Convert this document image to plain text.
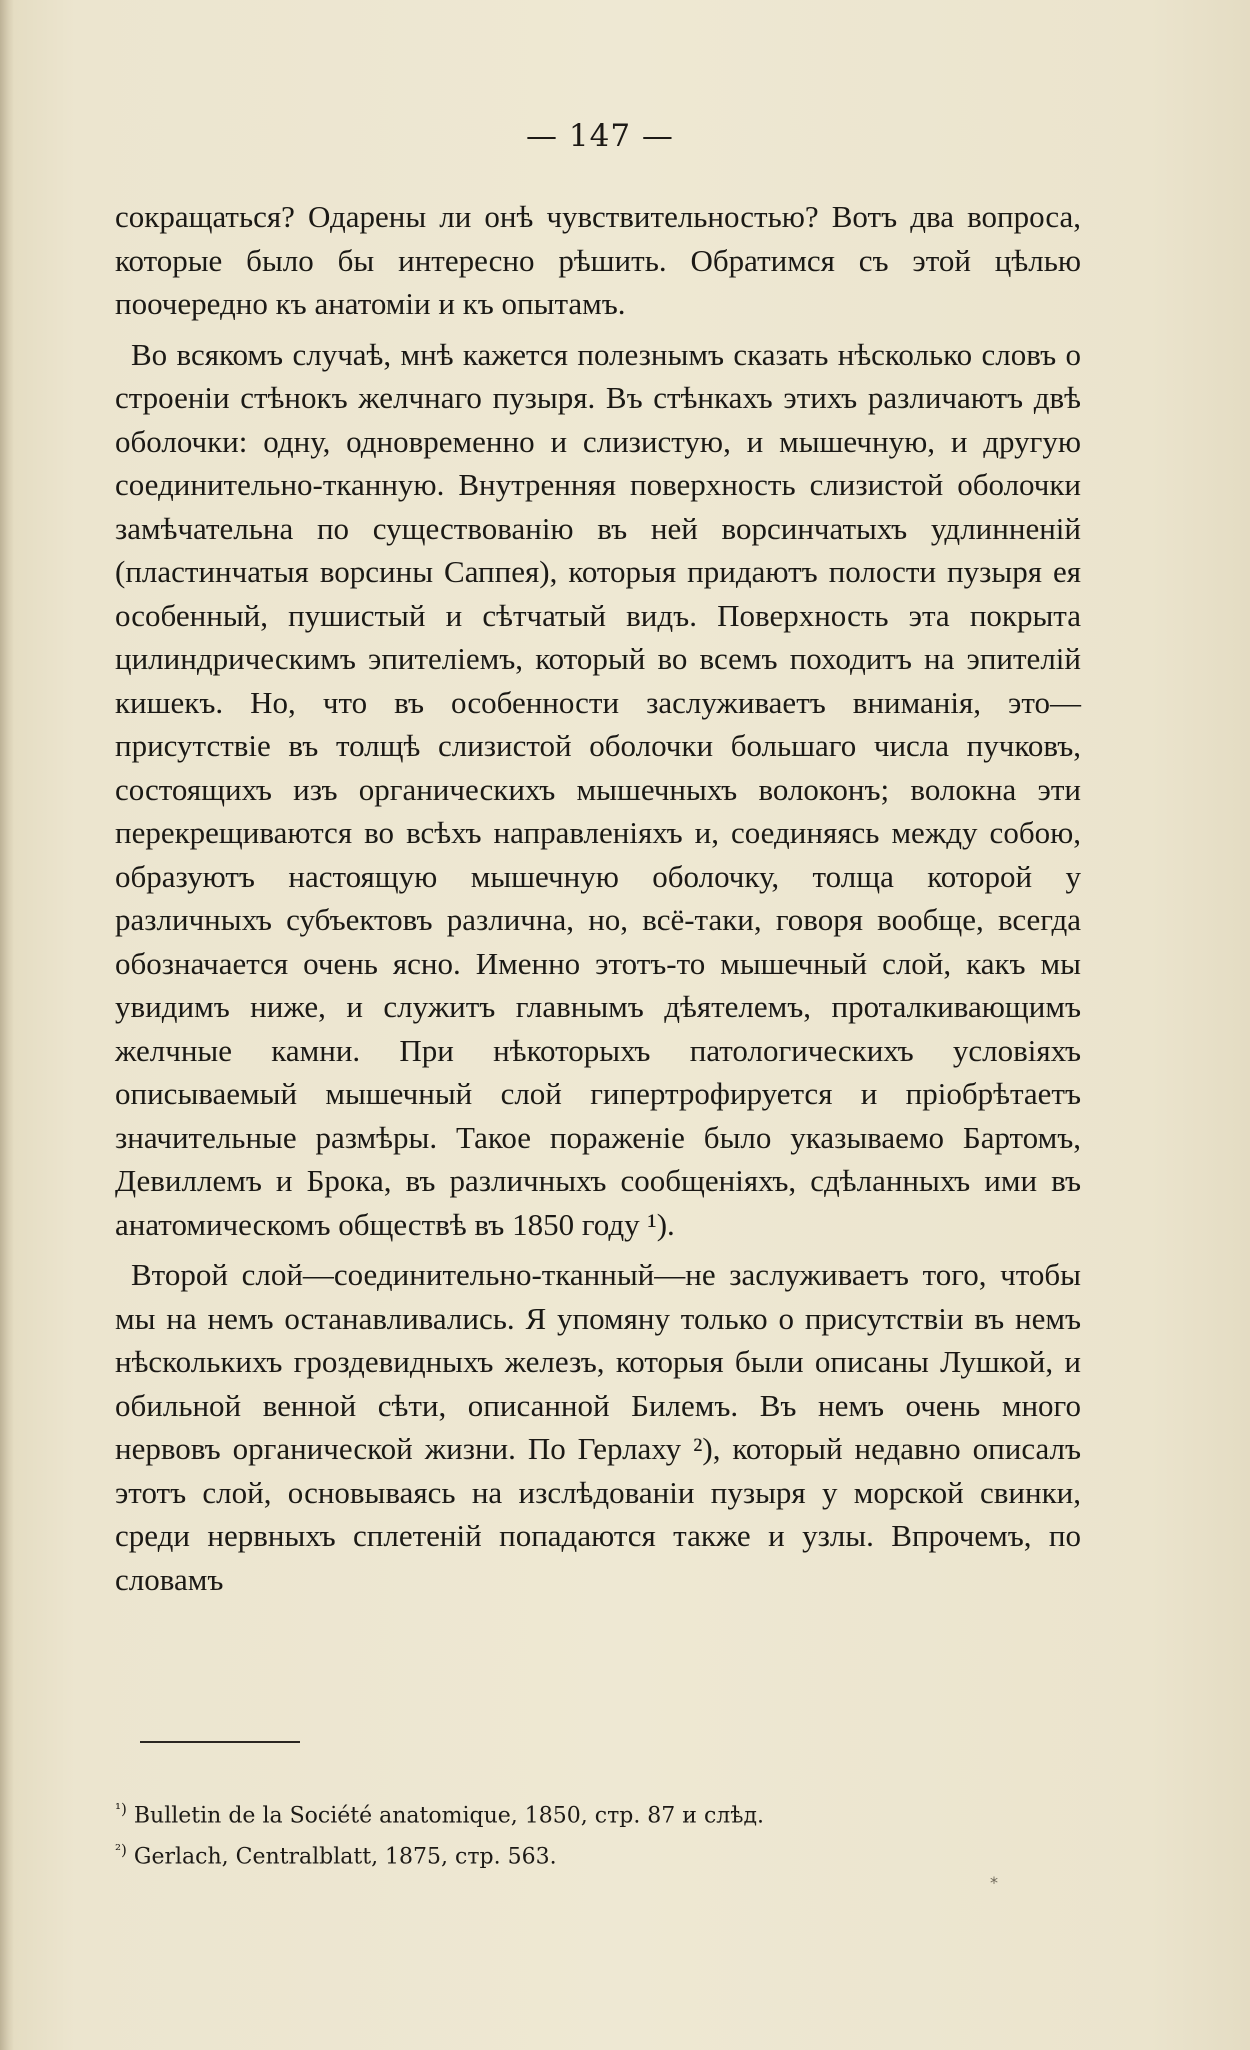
— 147 —

сокращаться? Одарены ли онѣ чувствительностью? Вотъ два вопроса, которые было бы интересно рѣшить. Обратимся съ этой цѣлью поочередно къ анатоміи и къ опытамъ.

Во всякомъ случаѣ, мнѣ кажется полезнымъ сказать нѣсколько словъ о строеніи стѣнокъ желчнаго пузыря. Въ стѣнкахъ этихъ различаютъ двѣ оболочки: одну, одновременно и слизистую, и мышечную, и другую соединительно-тканную. Внутренняя поверхность слизистой оболочки замѣчательна по существованію въ ней ворсинчатыхъ удлинненій (пластинчатыя ворсины Саппея), которыя придаютъ полости пузыря ея особенный, пушистый и сѣтчатый видъ. Поверхность эта покрыта цилиндрическимъ эпителіемъ, который во всемъ походитъ на эпителій кишекъ. Но, что въ особенности заслуживаетъ вниманія, это—присутствіе въ толщѣ слизистой оболочки большаго числа пучковъ, состоящихъ изъ органическихъ мышечныхъ волоконъ; волокна эти перекрещиваются во всѣхъ направленіяхъ и, соединяясь между собою, образуютъ настоящую мышечную оболочку, толща которой у различныхъ субъектовъ различна, но, всё-таки, говоря вообще, всегда обозначается очень ясно. Именно этотъ-то мышечный слой, какъ мы увидимъ ниже, и служитъ главнымъ дѣятелемъ, проталкивающимъ желчные камни. При нѣкоторыхъ патологическихъ условіяхъ описываемый мышечный слой гипертрофируется и пріобрѣтаетъ значительные размѣры. Такое пораженіе было указываемо Бартомъ, Девиллемъ и Брока, въ различныхъ сообщеніяхъ, сдѣланныхъ ими въ анатомическомъ обществѣ въ 1850 году ¹).

Второй слой—соединительно-тканный—не заслуживаетъ того, чтобы мы на немъ останавливались. Я упомяну только о присутствіи въ немъ нѣсколькихъ гроздевидныхъ железъ, которыя были описаны Лушкой, и обильной венной сѣти, описанной Билемъ. Въ немъ очень много нервовъ органической жизни. По Герлаху ²), который недавно описалъ этотъ слой, основываясь на изслѣдованіи пузыря у морской свинки, среди нервныхъ сплетеній попадаются также и узлы. Впрочемъ, по словамъ

$^{^1)}$ Bulletin de la Société anatomique, 1850, стр. 87 и слѣд.

$^{^2)}$ Gerlach, Centralblatt, 1875, стр. 563.

*
